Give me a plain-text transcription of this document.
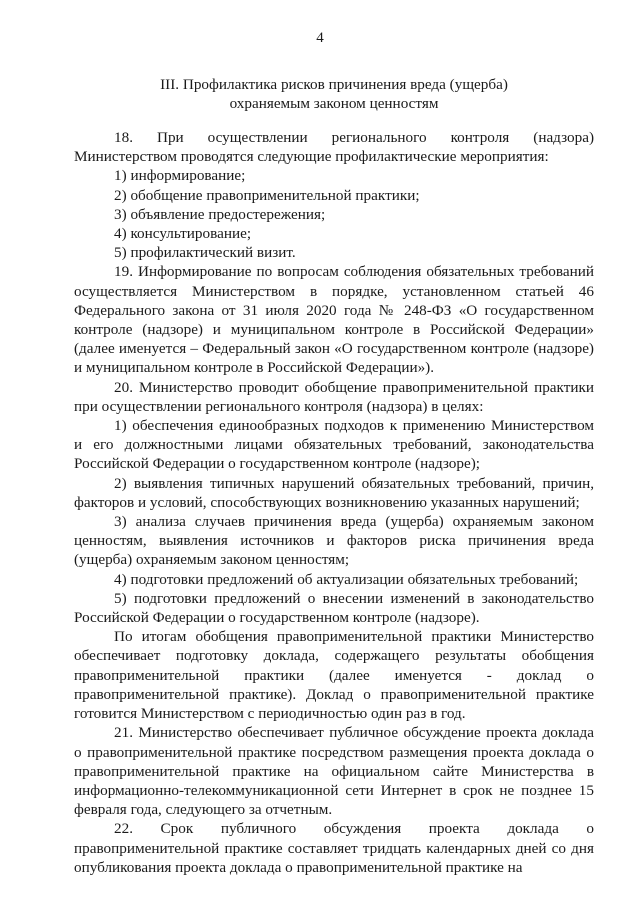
4
III. Профилактика рисков причинения вреда (ущерба)
охраняемым законом ценностям

18. При осуществлении регионального контроля (надзора) Министерством проводятся следующие профилактические мероприятия:

1) информирование;

2) обобщение правоприменительной практики;

3) объявление предостережения;

4) консультирование;

5) профилактический визит.

19. Информирование по вопросам соблюдения обязательных требований осуществляется Министерством в порядке, установленном статьей 46 Федерального закона от 31 июля 2020 года № 248-ФЗ «О государственном контроле (надзоре) и муниципальном контроле в Российской Федерации» (далее именуется – Федеральный закон «О государственном контроле (надзоре) и муниципальном контроле в Российской Федерации»).

20. Министерство проводит обобщение правоприменительной практики при осуществлении регионального контроля (надзора) в целях:

1) обеспечения единообразных подходов к применению Министерством и его должностными лицами обязательных требований, законодательства Российской Федерации о государственном контроле (надзоре);

2) выявления типичных нарушений обязательных требований, причин, факторов и условий, способствующих возникновению указанных нарушений;

3) анализа случаев причинения вреда (ущерба) охраняемым законом ценностям, выявления источников и факторов риска причинения вреда (ущерба) охраняемым законом ценностям;

4) подготовки предложений об актуализации обязательных требований;

5) подготовки предложений о внесении изменений в законодательство Российской Федерации о государственном контроле (надзоре).

По итогам обобщения правоприменительной практики Министерство обеспечивает подготовку доклада, содержащего результаты обобщения правоприменительной практики (далее именуется - доклад о правоприменительной практике). Доклад о правоприменительной практике готовится Министерством с периодичностью один раз в год.

21. Министерство обеспечивает публичное обсуждение проекта доклада о правоприменительной практике посредством размещения проекта доклада о правоприменительной практике на официальном сайте Министерства в информационно-телекоммуникационной сети Интернет в срок не позднее 15 февраля года, следующего за отчетным.

22. Срок публичного обсуждения проекта доклада о правоприменительной практике составляет тридцать календарных дней со дня опубликования проекта доклада о правоприменительной практике на
